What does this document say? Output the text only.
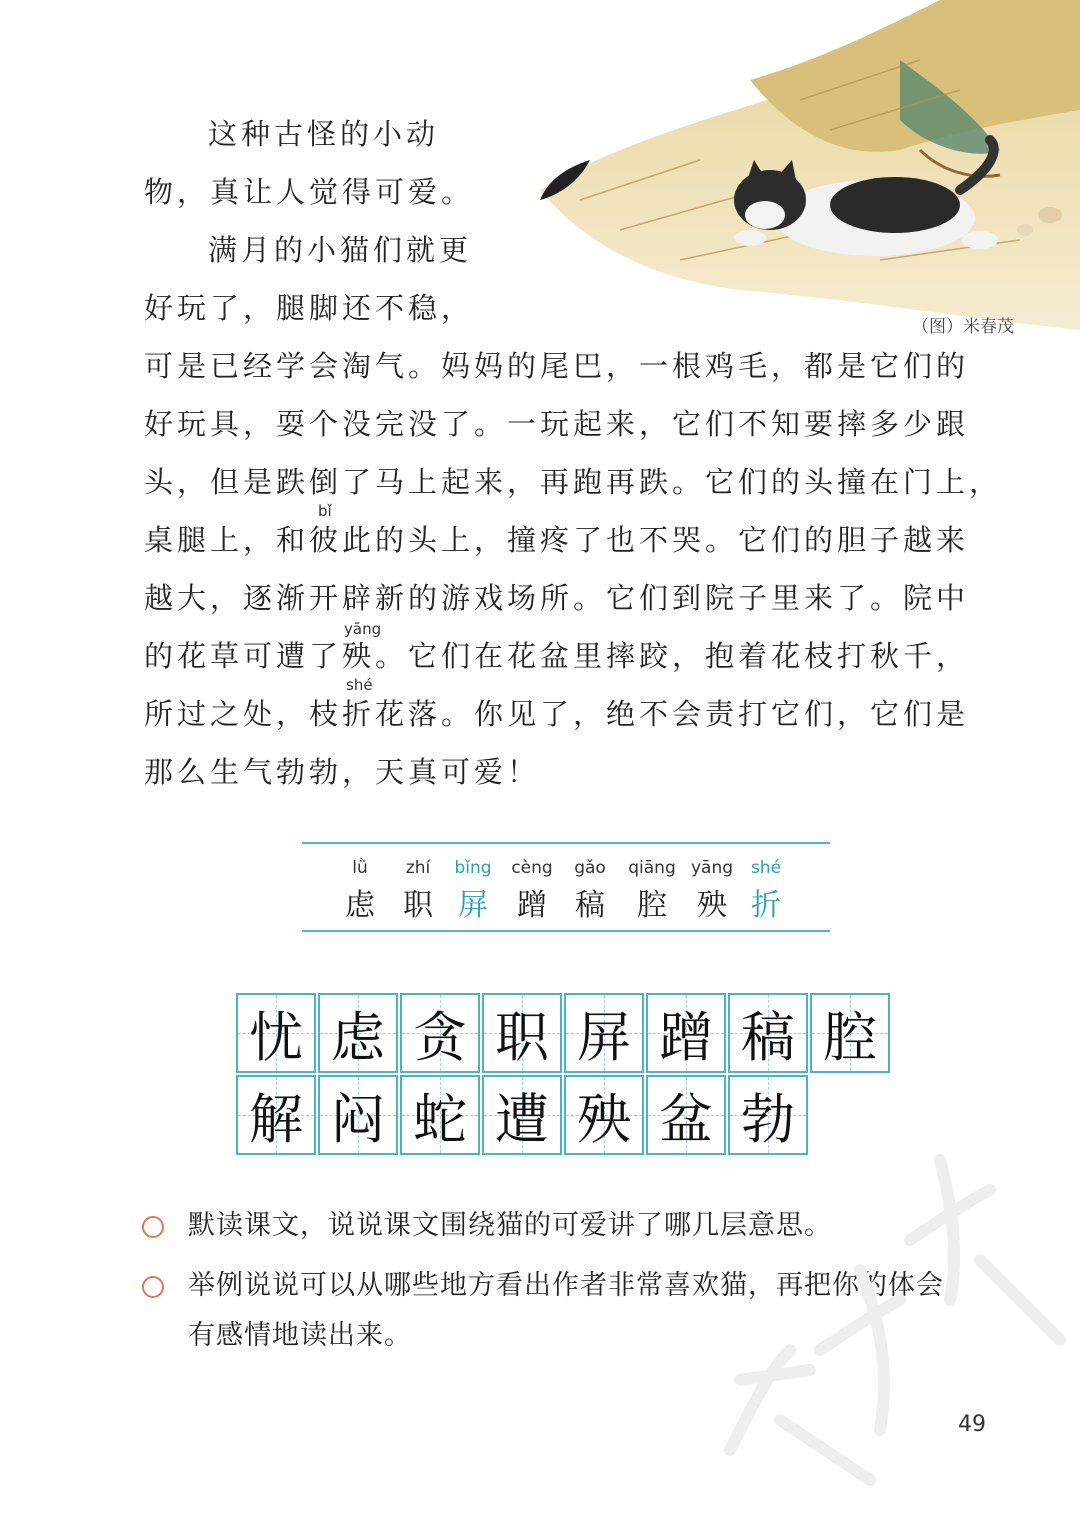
（图）米春茂
这种古怪的小动
物，真让人觉得可爱。
满月的小猫们就更
好玩了，腿脚还不稳，
可是已经学会淘气。妈妈的尾巴，一根鸡毛，都是它们的
好玩具，耍个没完没了。一玩起来，它们不知要摔多少跟
头，但是跌倒了马上起来，再跑再跌。它们的头撞在门上，
bǐ
桌腿上，和彼此的头上，撞疼了也不哭。它们的胆子越来
越大，逐渐开辟新的游戏场所。它们到院子里来了。院中
yāng
的花草可遭了殃。它们在花盆里摔跤，抱着花枝打秋千，
shé
所过之处，枝折花落。你见了，绝不会责打它们，它们是
那么生气勃勃，天真可爱！
lǜ
虑
zhí
职
bǐng
屏
cèng
蹭
gǎo
稿
qiāng
腔
yāng
殃
shé
折
忧 虑 贪 职 屏 蹭 稿 腔
解 闷 蛇 遭 殃 盆 勃
默读课文，说说课文围绕猫的可爱讲了哪几层意思。
举例说说可以从哪些地方看出作者非常喜欢猫，再把你的体会
有感情地读出来。
49
